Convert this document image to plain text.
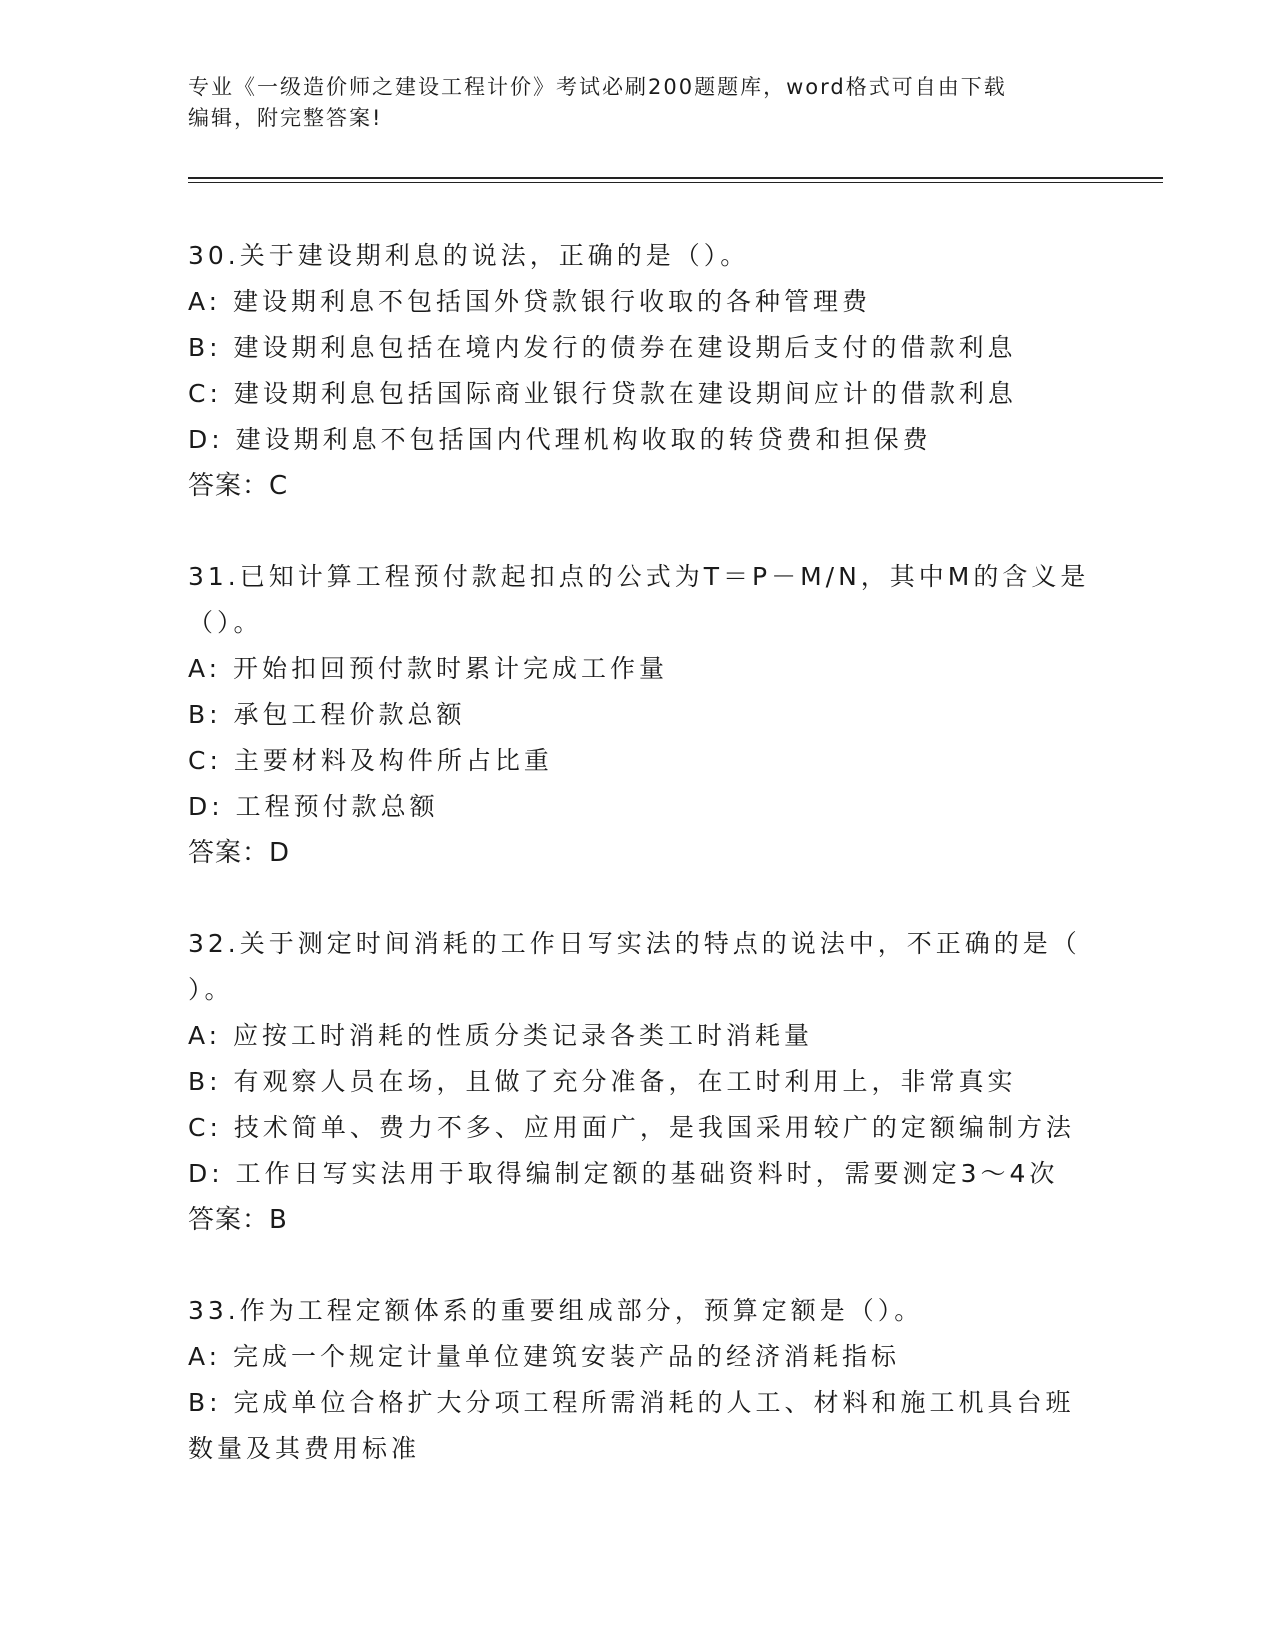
专业《一级造价师之建设工程计价》考试必刷200题题库，word格式可自由下载
编辑，附完整答案!
30.关于建设期利息的说法，正确的是（）。
A: 建设期利息不包括国外贷款银行收取的各种管理费
B: 建设期利息包括在境内发行的债券在建设期后支付的借款利息
C: 建设期利息包括国际商业银行贷款在建设期间应计的借款利息
D: 建设期利息不包括国内代理机构收取的转贷费和担保费
答案：C
31.已知计算工程预付款起扣点的公式为T＝P－M/N，其中M的含义是
（）。
A: 开始扣回预付款时累计完成工作量
B: 承包工程价款总额
C: 主要材料及构件所占比重
D: 工程预付款总额
答案：D
32.关于测定时间消耗的工作日写实法的特点的说法中，不正确的是（
）。
A: 应按工时消耗的性质分类记录各类工时消耗量
B: 有观察人员在场，且做了充分准备，在工时利用上，非常真实
C: 技术简单、费力不多、应用面广，是我国采用较广的定额编制方法
D: 工作日写实法用于取得编制定额的基础资料时，需要测定3～4次
答案：B
33.作为工程定额体系的重要组成部分，预算定额是（）。
A: 完成一个规定计量单位建筑安装产品的经济消耗指标
B: 完成单位合格扩大分项工程所需消耗的人工、材料和施工机具台班
数量及其费用标准
